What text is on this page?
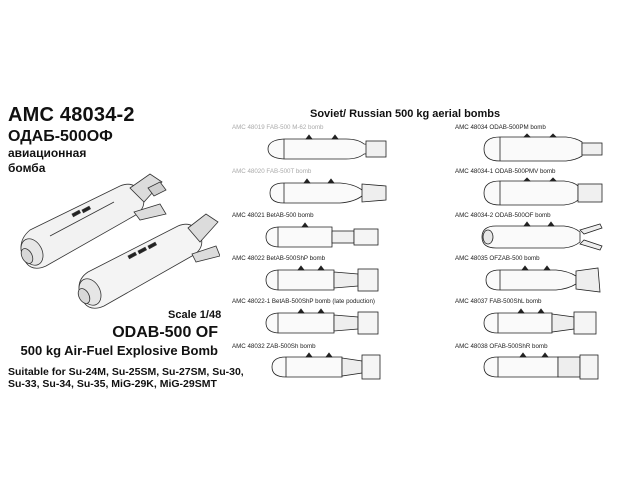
AMC 48034-2
ОДАБ-500ОФ
авиационная
бомба
Scale 1/48
ODAB-500 OF
500 kg Air-Fuel Explosive Bomb
Suitable for Su-24M, Su-25SM, Su-27SM, Su-30,
Su-33, Su-34, Su-35, MiG-29K, MiG-29SMT
Soviet/ Russian 500 kg aerial bombs
AMC 48019 FAB-500 M-62 bomb
AMC 48020 FAB-500T bomb
AMC 48021 BetAB-500 bomb
AMC 48022 BetAB-500ShP bomb
AMC 48022-1 BetAB-500ShP bomb (late poduction)
AMC 48032 ZAB-500Sh bomb
AMC 48034 ODAB-500PM bomb
AMC 48034-1 ODAB-500PMV bomb
AMC 48034-2 ODAB-500OF bomb
AMC 48035 OFZAB-500 bomb
AMC 48037 FAB-500ShL bomb
AMC 48038 OFAB-500ShR bomb
